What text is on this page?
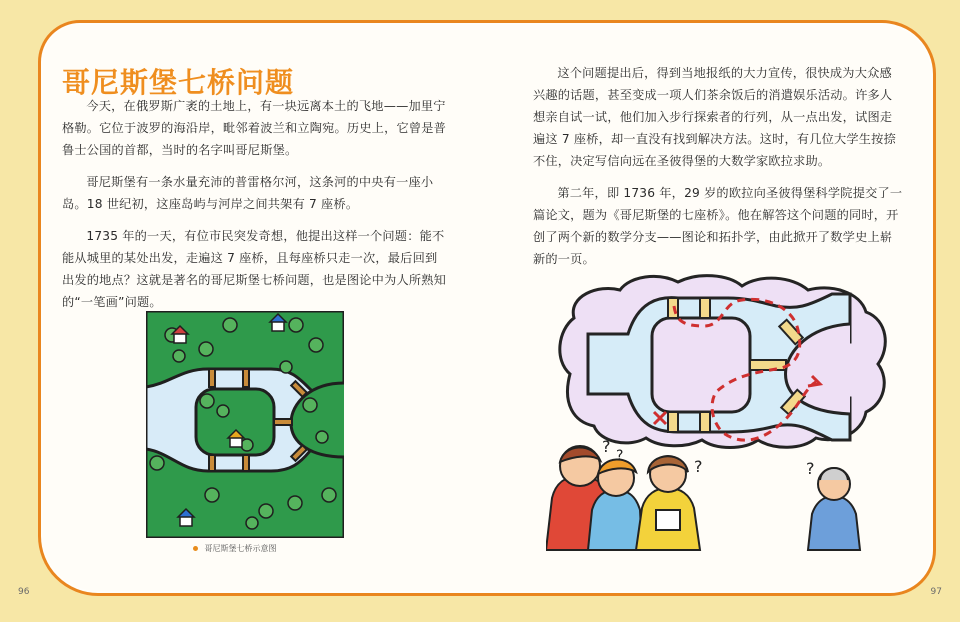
哥尼斯堡七桥问题

今天，在俄罗斯广袤的土地上，有一块远离本土的飞地——加里宁格勒。它位于波罗的海沿岸，毗邻着波兰和立陶宛。历史上，它曾是普鲁士公国的首都，当时的名字叫哥尼斯堡。

哥尼斯堡有一条水量充沛的普雷格尔河，这条河的中央有一座小岛。18 世纪初，这座岛屿与河岸之间共架有 7 座桥。

1735 年的一天，有位市民突发奇想，他提出这样一个问题：能不能从城里的某处出发，走遍这 7 座桥，且每座桥只走一次，最后回到出发的地点？这就是著名的哥尼斯堡七桥问题，也是图论中为人所熟知的“一笔画”问题。

这个问题提出后，得到当地报纸的大力宣传，很快成为大众感兴趣的话题，甚至变成一项人们茶余饭后的消遣娱乐活动。许多人想亲自试一试，他们加入步行探索者的行列，从一点出发，试图走遍这 7 座桥，却一直没有找到解决方法。这时，有几位大学生按捺不住，决定写信向远在圣彼得堡的大数学家欧拉求助。

第二年，即 1736 年，29 岁的欧拉向圣彼得堡科学院提交了一篇论文，题为《哥尼斯堡的七座桥》。他在解答这个问题的同时，开创了两个新的数学分支——图论和拓扑学，由此掀开了数学史上崭新的一页。

哥尼斯堡七桥示意图
? ?
?	?
96	97
